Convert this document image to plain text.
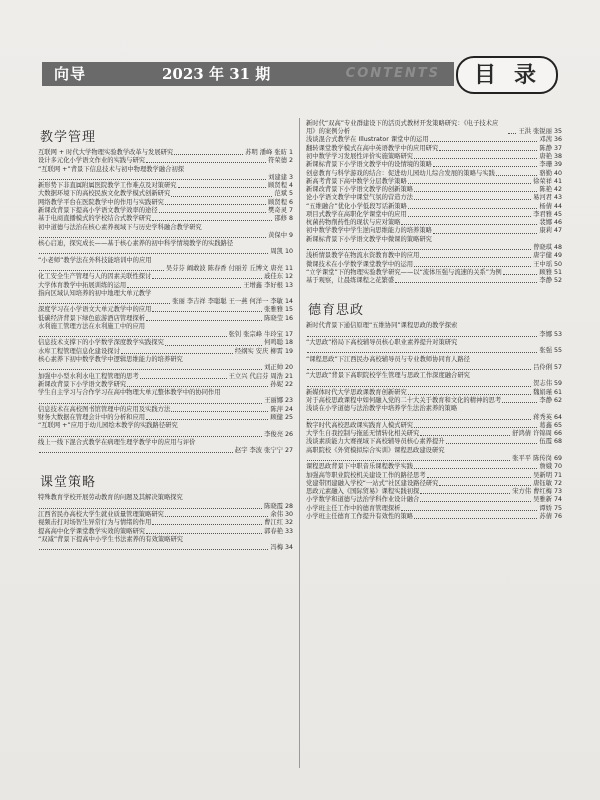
向导	2023 年 31 期	CONTENTS	目录
教学管理
互联网 + 时代大学物理实验教学改革与发展研究	苏明 潘峰 张昉 1
设计多元化小学语文作业的实践与研究	符荣德 2
“互联网 +”背景下信息技术与初中物理教学融合初探
刘建建 3
新形势下非直属附属医院教学工作难点及对策研究	顾贤程 4
大数据环境下的高校民族文化教学模式创新研究	范斌 5
网络教学平台在医院教学中的作用与实践研究	顾贤程 6
新课改背景下提高小学语文教学效率的途径	樊奇灵 7
基于电商直播模式的学校结合式教学研究	邵修 8
初中道德与法治在核心素养视域下与历史学科融合教学研究
黄保中 9
核心启迪，探究成长——基于核心素养的初中科学情境教学的实践路径
周凯 10
“小老师”教学法在外科技能培训中的应用
吴芬芬 阚敢波 陈春香 付丽芳 丘博文 唐亮 11
化工安全生产管理与人的因素关联性探讨	戚佳东 12
大学体育教学中拓展训练的运用	王增鑫 李好根 13
指向区域认知培养的初中地理大单元教学
张丽 李吉祥 李聪聪 王一燕 何洋一 李敏 14
深度学习在小学语文大单元教学中的应用	张雅雅 15
低碳经济背景下绿色旅游酒店管理探析	陈晓莹 16
水利施工管理方法在水利施工中的应用
张钊 张宗峰 牛玲宝 17
信息技术支撑下的小学数学深度教学实践探究	何鸣聪 18
水库工程管理信息化建设探讨	经纲实 安庆 柳霄 19
核心素养下初中数学教学中逻辑思维能力的培养研究
刘正帅 20
加强中小型水利水电工程管理的思考	王立兴 代启芬 周浩 21
新课改背景下小学语文教学研究	孙妮 22
学生自主学习与合作学习在高中物理大单元整体教学中的协同作用
王丽娜 23
信息技术在高校图书馆管理中的应用及实践方法	陈萍 24
财务大数据在管理会计中的分析和应用	顾健 25
“互联网 +”应用于幼儿园绘本教学的实践路径研究
李俊亮 26
线上一线下混合式教学在病理生理学教学中的应用与评价
赵宇 李波 张宁宁 27
课堂策略
特殊教育学校开展劳动教育的问题及其解决策略探究
陈晓霞 28
江西省民办高校大学生就业质量管理策略研究	余伟 30
视频击打对场智生异常行为与情绪的作用	曹江红 32
提高高中化学课堂教学实效的策略研究	郭春艳 33
“双减”背景下提高中小学生书法素养的有效策略研究
冯梅 34
新时代“双高”专业群建设下的活页式教材开发策略研究：《电子技术应用》的案例分析	王洪 张锐丽 35
浅谈混合式教学在 Illustrator 课堂中的运用	邓茜 36
翻转课堂教学模式在高中英语教学中的应用研究	陈静 37
初中数学学习发展性评价实施策略研究	唐艳 38
新课标背景下小学语文教学中的设情境的策略	李珊 39
创意教育与科学游戏的结合：促进幼儿园幼儿综合发展的策略与实践	骆勤 40
新高考背景下高中数学分层教学策略	徐荣祥 41
新课改背景下小学语文教学的创新策略	陈艳 42
论小学语文教学中课堂气氛的营造方法	易河君 43
“五维融合”优化小学低段写话新策略	杨倩 44
项目式教学在高职化学课堂中的应用	李君雅 45
杭菌药物削药性的现状与应对策略	裴娜 46
初中数学教学中学生逆向思维能力的培养策略	康莉 47
新课标背景下小学语文教学中微课的策略研究
曾晓琪 48
浅析情景教学在物流水资教育教中的应用	唐宇健 49
微课技术在小学数学课堂教学中的运用	王中瑶 50
“立学课堂”下的物理实验教学研究——以“流体压强与流速的关系”为例	顾雅 51
基于观察，让晨练课程之花繁盛	李静 52
德育思政
新时代背景下通信原理“五维协同”课程思政的教学探索
李娜 53
“大思政”格局下高校辅导员核心职业素养提升对策研究
张强 55
“课程思政”下江西民办高校辅导员与专业教师协同育人路径
吕伶俐 57
“大思政”背景下高职院校学生管理与思政工作深度融合研究
贺志伟 59
新媒体时代大学思政课教育创新研究	魏娟瑾 61
对于高校思政课程中如何融入党的二十大关于教育和文化的精神的思考	李静 62
浅谈在小学道德与法治教学中培养学生法治素养的策略
蒋秀英 64
数字时代高校思政课实践育人模式研究	葛鑫 65
大学生自我控制与拖延无情转化相关研究	舒鸿倩 许锦周 66
浅谈素质能力大赛视域下高校辅导员核心素养提升	伍霞 68
高职院校《外贸模拟综合实训》课程思政建设研究
张平平 陈传岗 69
课程思政背景下中职音乐课程教学实践	詹娥 70
加强高等职业院校机关建设工作的路径思考	吴新明 71
党建带团建融入学校“一站式”社区建设路径研究	唐钰敏 72
思政元素融入《国际贸易》课程实践初探	宋方伟 曹红梅 73
小学数学和道德与法治学科作业设计融合	吴雅新 74
小学班主任工作中的德育管理探析	谭娇 75
小学班主任德育工作提升有效性的策略	苏倩 76
